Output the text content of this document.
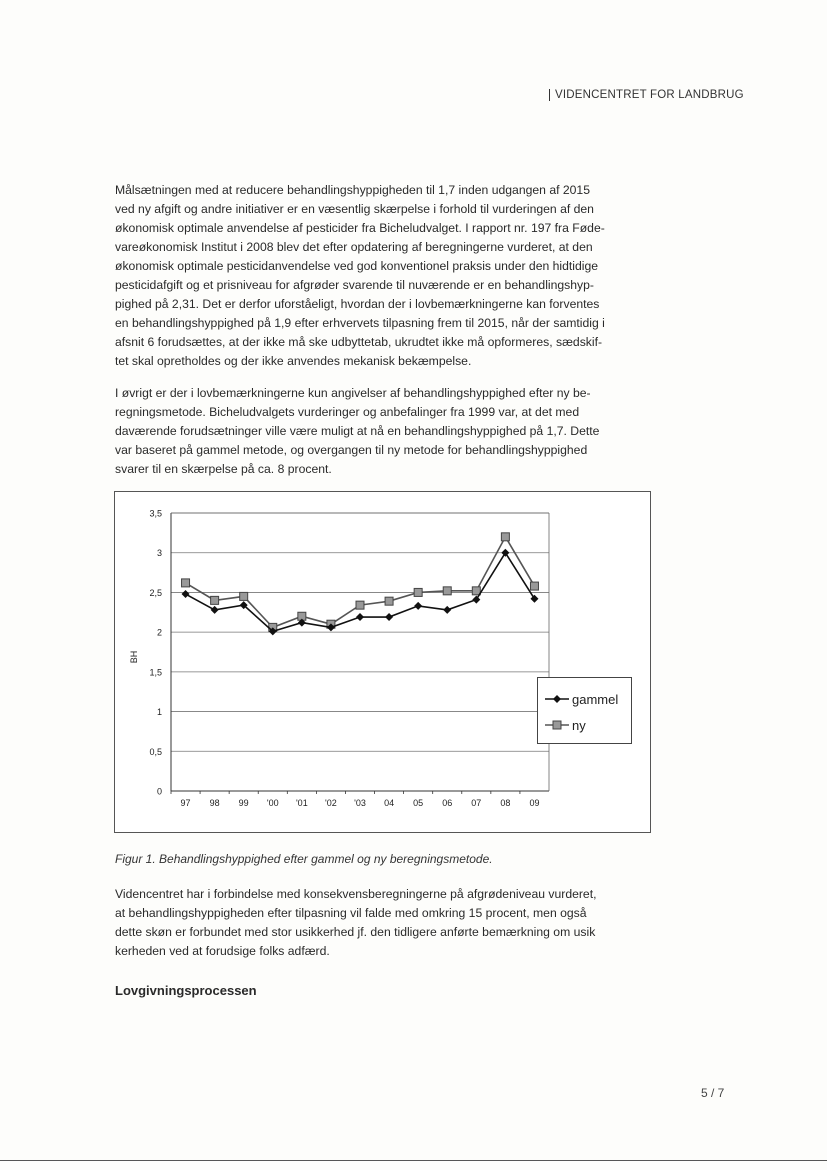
VIDENCENTRET FOR LANDBRUG
Målsætningen med at reducere behandlingshyppigheden til 1,7 inden udgangen af 2015
ved ny afgift og andre initiativer er en væsentlig skærpelse i forhold til vurderingen af den
økonomisk optimale anvendelse af pesticider fra Bicheludvalget. I rapport nr. 197 fra Føde-
vareøkonomisk Institut i 2008 blev det efter opdatering af beregningerne vurderet, at den
økonomisk optimale pesticidanvendelse ved god konventionel praksis under den hidtidige
pesticidafgift og et prisniveau for afgrøder svarende til nuværende er en behandlingshyp-
pighed på 2,31. Det er derfor uforståeligt, hvordan der i lovbemærkningerne kan forventes
en behandlingshyppighed på 1,9 efter erhvervets tilpasning frem til 2015, når der samtidig i
afsnit 6 forudsættes, at der ikke må ske udbyttetab, ukrudtet ikke må opformeres, sædskif-
tet skal opretholdes og der ikke anvendes mekanisk bekæmpelse.
I øvrigt er der i lovbemærkningerne kun angivelser af behandlingshyppighed efter ny be-
regningsmetode. Bicheludvalgets vurderinger og anbefalinger fra 1999 var, at det med
daværende forudsætninger ville være muligt at nå en behandlingshyppighed på 1,7. Dette
var baseret på gammel metode, og overgangen til ny metode for behandlingshyppighed
svarer til en skærpelse på ca. 8 procent.
0
0,5
1
1,5
2
2,5
3
3,5
97 98 99 '00 '01 '02 '03 04 05 06 07 08 09
BH
gammel
ny
Figur 1. Behandlingshyppighed efter gammel og ny beregningsmetode.
Videncentret har i forbindelse med konsekvensberegningerne på afgrødeniveau vurderet,
at behandlingshyppigheden efter tilpasning vil falde med omkring 15 procent, men også
dette skøn er forbundet med stor usikkerhed jf. den tidligere anførte bemærkning om usik
kerheden ved at forudsige folks adfærd.
Lovgivningsprocessen
5 / 7
